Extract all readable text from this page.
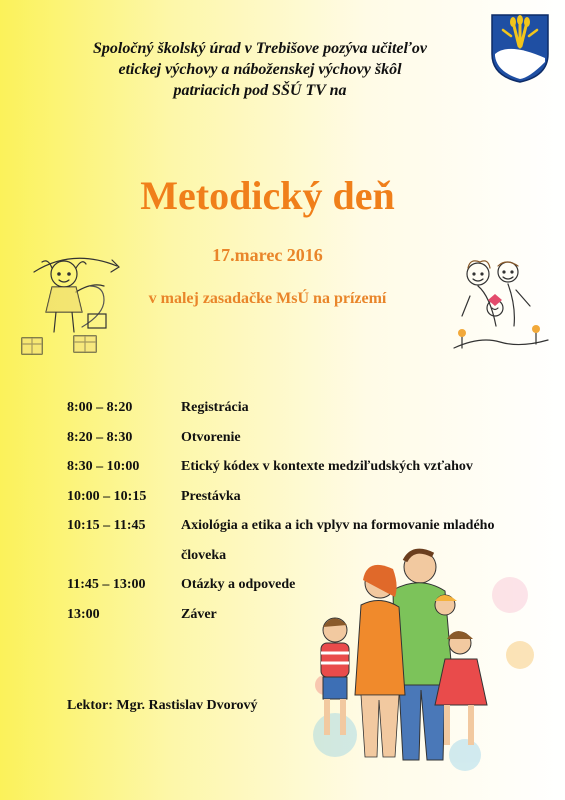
Spoločný školský úrad v Trebišove pozýva učiteľov
etickej výchovy a náboženskej výchovy škôl
patriacich pod SŠÚ TV na
Metodický deň
17.marec 2016
v malej zasadačke MsÚ na prízemí
8:00 – 8:20	Registrácia
8:20 – 8:30	Otvorenie
8:30 – 10:00	Etický kódex v kontexte medziľudských vzťahov
10:00 – 10:15	Prestávka
10:15 – 11:45	Axiológia a etika a ich vplyv na formovanie mladého
človeka
11:45 – 13:00	Otázky a odpovede
13:00	Záver
Lektor: Mgr. Rastislav Dvorový
